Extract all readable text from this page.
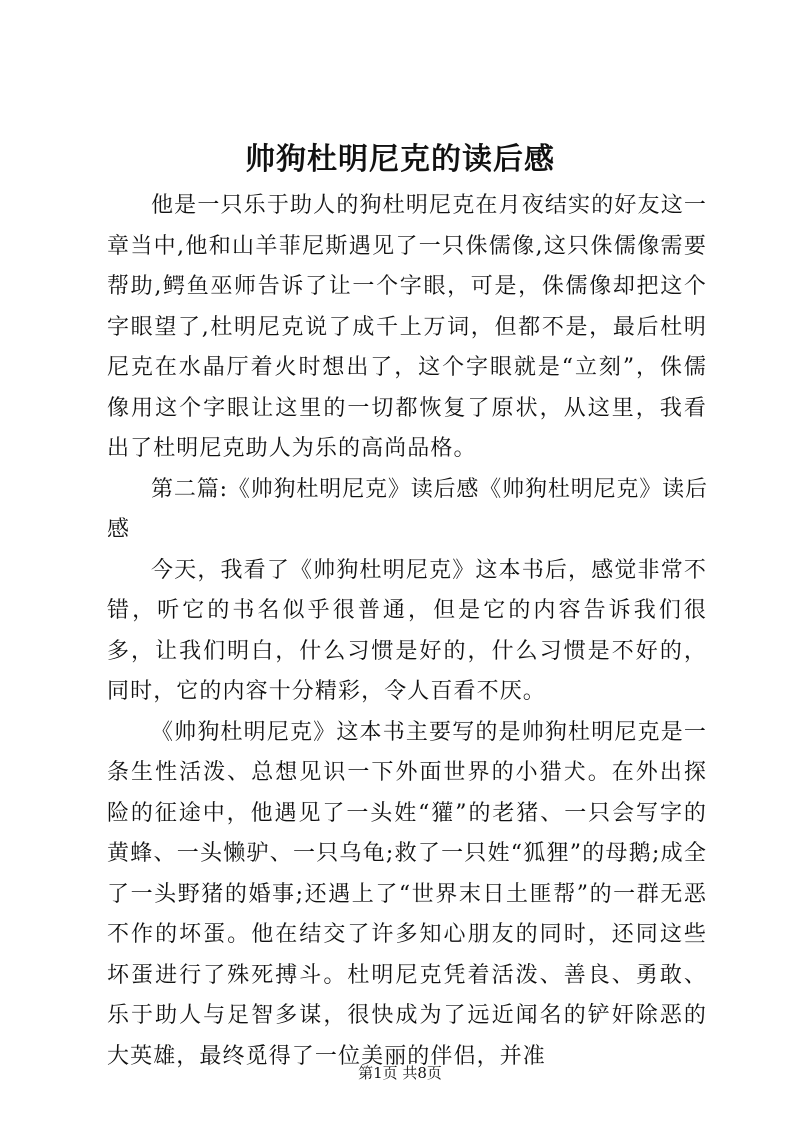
帅狗杜明尼克的读后感

他是一只乐于助人的狗杜明尼克在月夜结实的好友这一章当中,他和山羊菲尼斯遇见了一只侏儒像,这只侏儒像需要帮助,鳄鱼巫师告诉了让一个字眼，可是，侏儒像却把这个字眼望了,杜明尼克说了成千上万词，但都不是，最后杜明尼克在水晶厅着火时想出了，这个字眼就是“立刻”，侏儒像用这个字眼让这里的一切都恢复了原状，从这里，我看出了杜明尼克助人为乐的高尚品格。

第二篇:《帅狗杜明尼克》读后感《帅狗杜明尼克》读后感

今天，我看了《帅狗杜明尼克》这本书后，感觉非常不错，听它的书名似乎很普通，但是它的内容告诉我们很多，让我们明白，什么习惯是好的，什么习惯是不好的，同时，它的内容十分精彩，令人百看不厌。

《帅狗杜明尼克》这本书主要写的是帅狗杜明尼克是一条生性活泼、总想见识一下外面世界的小猎犬。在外出探险的征途中，他遇见了一头姓“獾”的老猪、一只会写字的黄蜂、一头懒驴、一只乌龟;救了一只姓“狐狸”的母鹅;成全了一头野猪的婚事;还遇上了“世界末日土匪帮”的一群无恶不作的坏蛋。他在结交了许多知心朋友的同时，还同这些坏蛋进行了殊死搏斗。杜明尼克凭着活泼、善良、勇敢、乐于助人与足智多谋，很快成为了远近闻名的铲奸除恶的大英雄，最终觅得了一位美丽的伴侣，并准

第1页 共8页
